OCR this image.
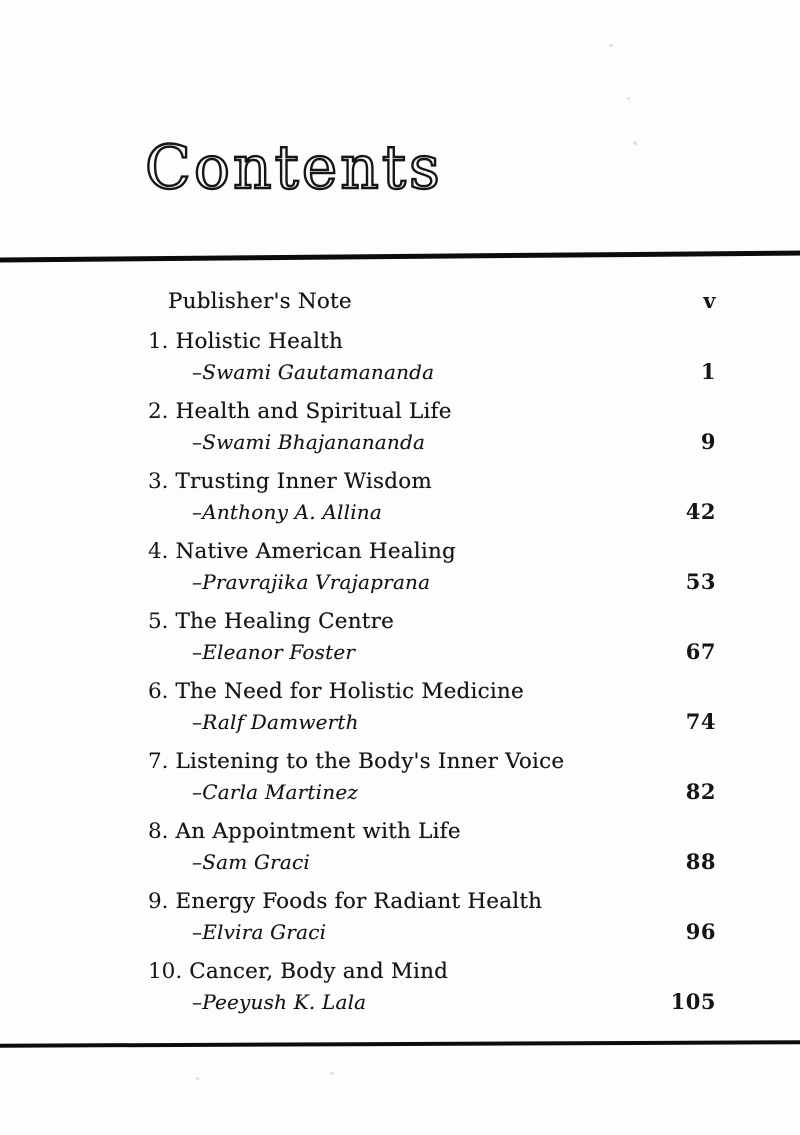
Contents
Publisher's Note	v
1. Holistic Health
–Swami Gautamananda	1
2. Health and Spiritual Life
–Swami Bhajanananda	9
3. Trusting Inner Wisdom
–Anthony A. Allina	42
4. Native American Healing
–Pravrajika Vrajaprana	53
5. The Healing Centre
–Eleanor Foster	67
6. The Need for Holistic Medicine
–Ralf Damwerth	74
7. Listening to the Body's Inner Voice
–Carla Martinez	82
8. An Appointment with Life
–Sam Graci	88
9. Energy Foods for Radiant Health
–Elvira Graci	96
10. Cancer, Body and Mind
–Peeyush K. Lala	105
